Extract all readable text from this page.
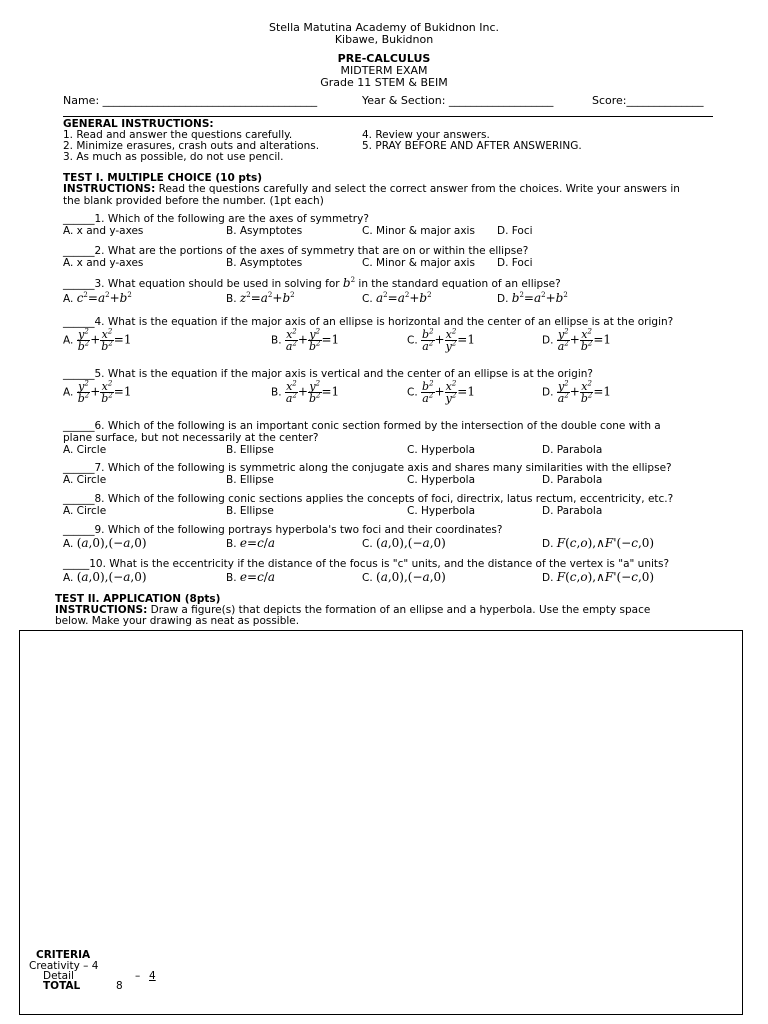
Stella Matutina Academy of Bukidnon Inc.
Kibawe, Bukidnon
PRE-CALCULUS
MIDTERM EXAM
Grade 11 STEM & BEIM
Name: _______________________________________	Year & Section: ___________________	Score:______________
GENERAL INSTRUCTIONS:
1. Read and answer the questions carefully.
2. Minimize erasures, crash outs and alterations.
3. As much as possible, do not use pencil.
4. Review your answers.
5. PRAY BEFORE AND AFTER ANSWERING.
TEST I. MULTIPLE CHOICE (10 pts)
INSTRUCTIONS: Read the questions carefully and select the correct answer from the choices. Write your answers in
the blank provided before the number. (1pt each)
______1. Which of the following are the axes of symmetry?
A. x and y-axes	B. Asymptotes	C. Minor & major axis D. Foci
______2. What are the portions of the axes of symmetry that are on or within the ellipse?
A. x and y-axes	B. Asymptotes	C. Minor & major axis D. Foci
______3. What equation should be used in solving for $b^2$ in the standard equation of an ellipse?
A. $c^2=a^2+b^2$	B. $z^2=a^2+b^2$	C. $a^2=a^2+b^2$	D. $b^2=a^2+b^2$
______4. What is the equation if the major axis of an ellipse is horizontal and the center of an ellipse is at the origin?
A. $\frac{y^2}{b^2} + \frac{x^2}{b^2} =1$	B. $\frac{x^2}{a^2} + \frac{y^2}{b^2} =1$	C. $\frac{b^2}{a^2} + \frac{x^2}{y^2} =1$	D. $\frac{y^2}{a^2} + \frac{x^2}{b^2} =1$
______5. What is the equation if the major axis is vertical and the center of an ellipse is at the origin?
A. $\frac{y^2}{b^2} + \frac{x^2}{b^2} =1$	B. $\frac{x^2}{a^2} + \frac{y^2}{b^2} =1$	C. $\frac{b^2}{a^2} + \frac{x^2}{y^2} =1$	D. $\frac{y^2}{a^2} + \frac{x^2}{b^2} =1$
______6. Which of the following is an important conic section formed by the intersection of the double cone with a
plane surface, but not necessarily at the center?
A. Circle	B. Ellipse	C. Hyperbola	D. Parabola
______7. Which of the following is symmetric along the conjugate axis and shares many similarities with the ellipse?
A. Circle	B. Ellipse	C. Hyperbola	D. Parabola
______8. Which of the following conic sections applies the concepts of foci, directrix, latus rectum, eccentricity, etc.?
A. Circle	B. Ellipse	C. Hyperbola	D. Parabola
______9. Which of the following portrays hyperbola's two foci and their coordinates?
A. (a,0),(−a,0)	B. e=c/a	C. (a,0),(−a,0)	D. F(c,o),∧F'(−c,0)
_____10. What is the eccentricity if the distance of the focus is "c" units, and the distance of the vertex is "a" units?
A. (a,0),(−a,0)	B. e=c/a	C. (a,0),(−a,0)	D. F(c,o),∧F'(−c,0)
TEST II. APPLICATION (8pts)
INSTRUCTIONS: Draw a figure(s) that depicts the formation of an ellipse and a hyperbola. Use the empty space
below. Make your drawing as neat as possible.
CRITERIA
Creativity – 4
Detail	– 4
TOTAL	8
